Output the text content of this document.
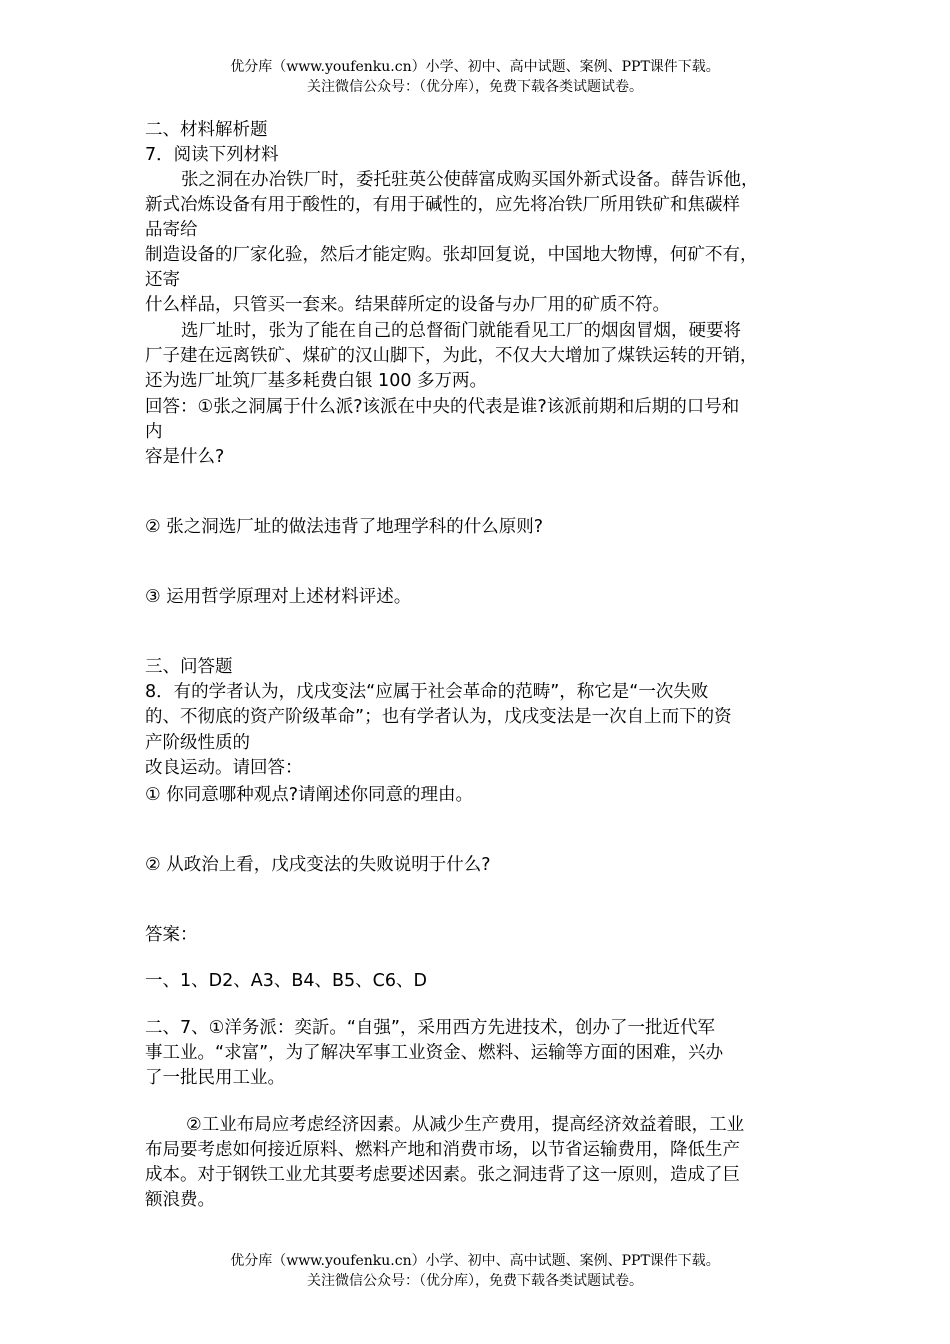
优分库（www.youfenku.cn）小学、初中、高中试题、案例、PPT课件下载。
关注微信公众号：（优分库），免费下载各类试题试卷。
二、材料解析题
7．阅读下列材料
张之洞在办冶铁厂时，委托驻英公使薛富成购买国外新式设备。薛告诉他，
新式冶炼设备有用于酸性的，有用于碱性的，应先将冶铁厂所用铁矿和焦碳样
品寄给
制造设备的厂家化验，然后才能定购。张却回复说，中国地大物博，何矿不有，
还寄
什么样品，只管买一套来。结果薛所定的设备与办厂用的矿质不符。
选厂址时，张为了能在自己的总督衙门就能看见工厂的烟囱冒烟，硬要将
厂子建在远离铁矿、煤矿的汉山脚下，为此，不仅大大增加了煤铁运转的开销，
还为选厂址筑厂基多耗费白银 100 多万两。
回答：①张之洞属于什么派?该派在中央的代表是谁?该派前期和后期的口号和
内
容是什么?
② 张之洞选厂址的做法违背了地理学科的什么原则?
③ 运用哲学原理对上述材料评述。
三、问答题
8．有的学者认为，戊戌变法“应属于社会革命的范畴”，称它是“一次失败
的、不彻底的资产阶级革命”；也有学者认为，戊戌变法是一次自上而下的资
产阶级性质的
改良运动。请回答：
① 你同意哪种观点?请阐述你同意的理由。
② 从政治上看，戊戌变法的失败说明于什么?
答案：
一、1、D2、A3、B4、B5、C6、D
二、7、①洋务派：奕訢。“自强”，采用西方先进技术，创办了一批近代军
事工业。“求富”，为了解决军事工业资金、燃料、运输等方面的困难，兴办
了一批民用工业。
②工业布局应考虑经济因素。从减少生产费用，提高经济效益着眼，工业
布局要考虑如何接近原料、燃料产地和消费市场，以节省运输费用，降低生产
成本。对于钢铁工业尤其要考虑要述因素。张之洞违背了这一原则，造成了巨
额浪费。
优分库（www.youfenku.cn）小学、初中、高中试题、案例、PPT课件下载。
关注微信公众号：（优分库），免费下载各类试题试卷。
